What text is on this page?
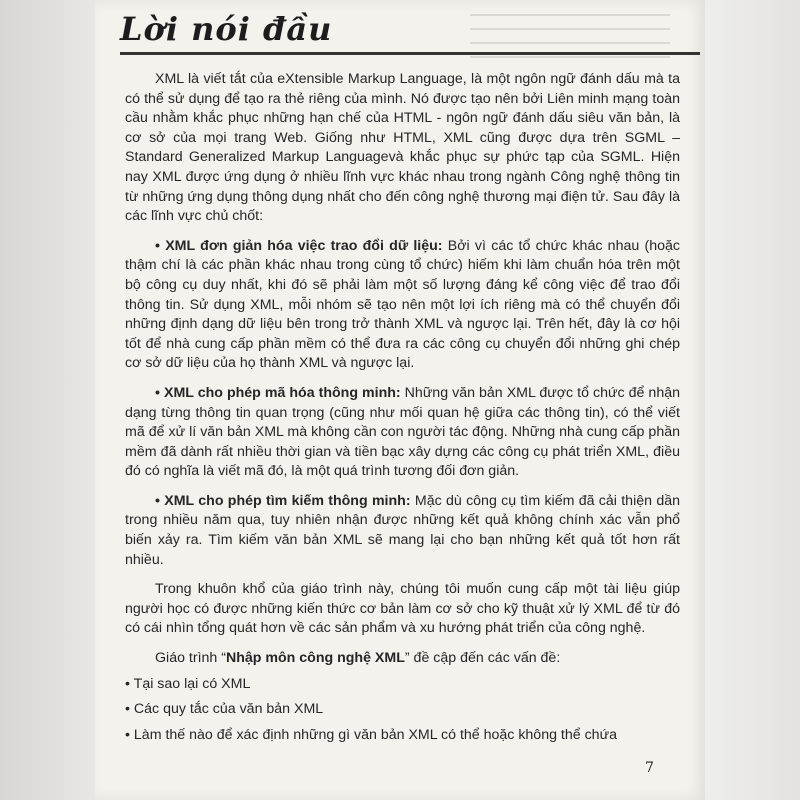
Lời nói đầu

XML là viết tắt của eXtensible Markup Language, là một ngôn ngữ đánh dấu mà ta có thể sử dụng để tạo ra thẻ riêng của mình. Nó được tạo nên bởi Liên minh mạng toàn cầu nhằm khắc phục những hạn chế của HTML - ngôn ngữ đánh dấu siêu văn bản, là cơ sở của mọi trang Web. Giống như HTML, XML cũng được dựa trên SGML – Standard Generalized Markup Languagevà khắc phục sự phức tạp của SGML. Hiện nay XML được ứng dụng ở nhiều lĩnh vực khác nhau trong ngành Công nghệ thông tin từ những ứng dụng thông dụng nhất cho đến công nghệ thương mại điện tử. Sau đây là các lĩnh vực chủ chốt:

• XML đơn giản hóa việc trao đổi dữ liệu: Bởi vì các tổ chức khác nhau (hoặc thậm chí là các phần khác nhau trong cùng tổ chức) hiếm khi làm chuẩn hóa trên một bộ công cụ duy nhất, khi đó sẽ phải làm một số lượng đáng kể công việc để trao đổi thông tin. Sử dụng XML, mỗi nhóm sẽ tạo nên một lợi ích riêng mà có thể chuyển đổi những định dạng dữ liệu bên trong trở thành XML và ngược lại. Trên hết, đây là cơ hội tốt để nhà cung cấp phần mềm có thể đưa ra các công cụ chuyển đổi những ghi chép cơ sở dữ liệu của họ thành XML và ngược lại.

• XML cho phép mã hóa thông minh: Những văn bản XML được tổ chức để nhận dạng từng thông tin quan trọng (cũng như mối quan hệ giữa các thông tin), có thể viết mã để xử lí văn bản XML mà không cần con người tác động. Những nhà cung cấp phần mềm đã dành rất nhiều thời gian và tiền bạc xây dựng các công cụ phát triển XML, điều đó có nghĩa là viết mã đó, là một quá trình tương đối đơn giản.

• XML cho phép tìm kiếm thông minh: Mặc dù công cụ tìm kiếm đã cải thiện dần trong nhiều năm qua, tuy nhiên nhận được những kết quả không chính xác vẫn phổ biến xảy ra. Tìm kiếm văn bản XML sẽ mang lại cho bạn những kết quả tốt hơn rất nhiều.

Trong khuôn khổ của giáo trình này, chúng tôi muốn cung cấp một tài liệu giúp người học có được những kiến thức cơ bản làm cơ sở cho kỹ thuật xử lý XML để từ đó có cái nhìn tổng quát hơn về các sản phẩm và xu hướng phát triển của công nghệ.

Giáo trình “Nhập môn công nghệ XML” đề cập đến các vấn đề:

• Tại sao lại có XML
• Các quy tắc của văn bản XML
• Làm thế nào để xác định những gì văn bản XML có thể hoặc không thể chứa
7
